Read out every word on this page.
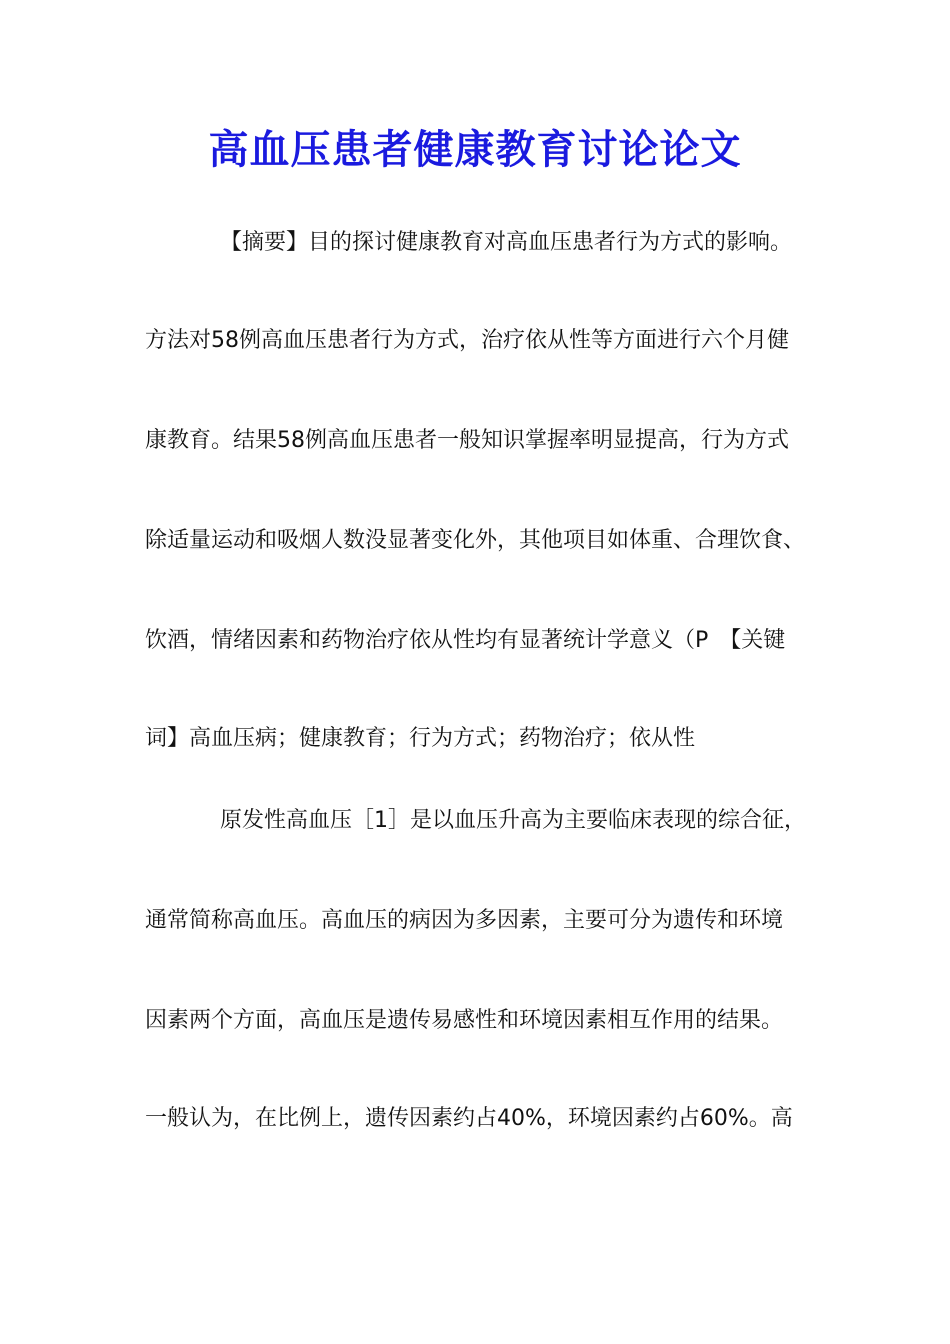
高血压患者健康教育讨论论文
【摘要】目的探讨健康教育对高血压患者行为方式的影响。
方法对58例高血压患者行为方式，治疗依从性等方面进行六个月健
康教育。结果58例高血压患者一般知识掌握率明显提高，行为方式
除适量运动和吸烟人数没显著变化外，其他项目如体重、合理饮食、
饮酒，情绪因素和药物治疗依从性均有显著统计学意义（P　【关键
词】高血压病；健康教育；行为方式；药物治疗；依从性
原发性高血压［1］是以血压升高为主要临床表现的综合征，
通常简称高血压。高血压的病因为多因素，主要可分为遗传和环境
因素两个方面，高血压是遗传易感性和环境因素相互作用的结果。
一般认为，在比例上，遗传因素约占40%，环境因素约占60%。高
